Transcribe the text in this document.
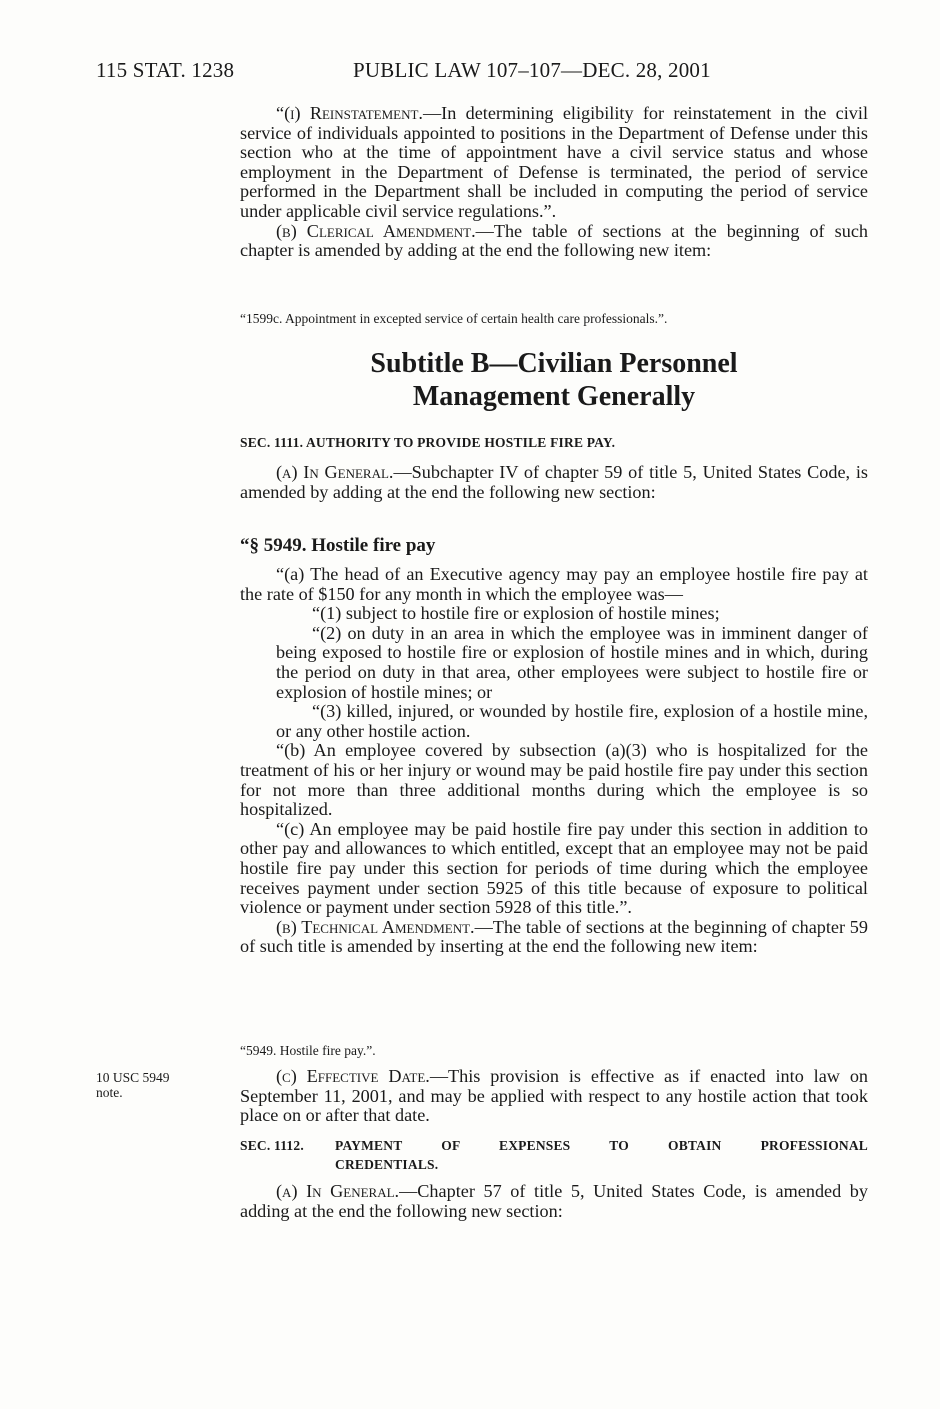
115 STAT. 1238	PUBLIC LAW 107–107—DEC. 28, 2001

“(i) Reinstatement.—In determining eligibility for reinstatement in the civil service of individuals appointed to positions in the Department of Defense under this section who at the time of appointment have a civil service status and whose employment in the Department of Defense is terminated, the period of service performed in the Department shall be included in computing the period of service under applicable civil service regulations.”.

(b) Clerical Amendment.—The table of sections at the beginning of such chapter is amended by adding at the end the following new item:

“1599c. Appointment in excepted service of certain health care professionals.”.

Subtitle B—Civilian Personnel

Management Generally

SEC. 1111. AUTHORITY TO PROVIDE HOSTILE FIRE PAY.

(a) In General.—Subchapter IV of chapter 59 of title 5, United States Code, is amended by adding at the end the following new section:

“§ 5949. Hostile fire pay

“(a) The head of an Executive agency may pay an employee hostile fire pay at the rate of $150 for any month in which the employee was—

“(1) subject to hostile fire or explosion of hostile mines;

“(2) on duty in an area in which the employee was in imminent danger of being exposed to hostile fire or explosion of hostile mines and in which, during the period on duty in that area, other employees were subject to hostile fire or explosion of hostile mines; or

“(3) killed, injured, or wounded by hostile fire, explosion of a hostile mine, or any other hostile action.

“(b) An employee covered by subsection (a)(3) who is hospitalized for the treatment of his or her injury or wound may be paid hostile fire pay under this section for not more than three additional months during which the employee is so hospitalized.

“(c) An employee may be paid hostile fire pay under this section in addition to other pay and allowances to which entitled, except that an employee may not be paid hostile fire pay under this section for periods of time during which the employee receives payment under section 5925 of this title because of exposure to political violence or payment under section 5928 of this title.”.

(b) Technical Amendment.—The table of sections at the beginning of chapter 59 of such title is amended by inserting at the end the following new item:

“5949. Hostile fire pay.”.

10 USC 5949
note.

(c) Effective Date.—This provision is effective as if enacted into law on September 11, 2001, and may be applied with respect to any hostile action that took place on or after that date.

SEC. 1112.	PAYMENT OF EXPENSES TO OBTAIN PROFESSIONAL
CREDENTIALS.

(a) In General.—Chapter 57 of title 5, United States Code, is amended by adding at the end the following new section:
